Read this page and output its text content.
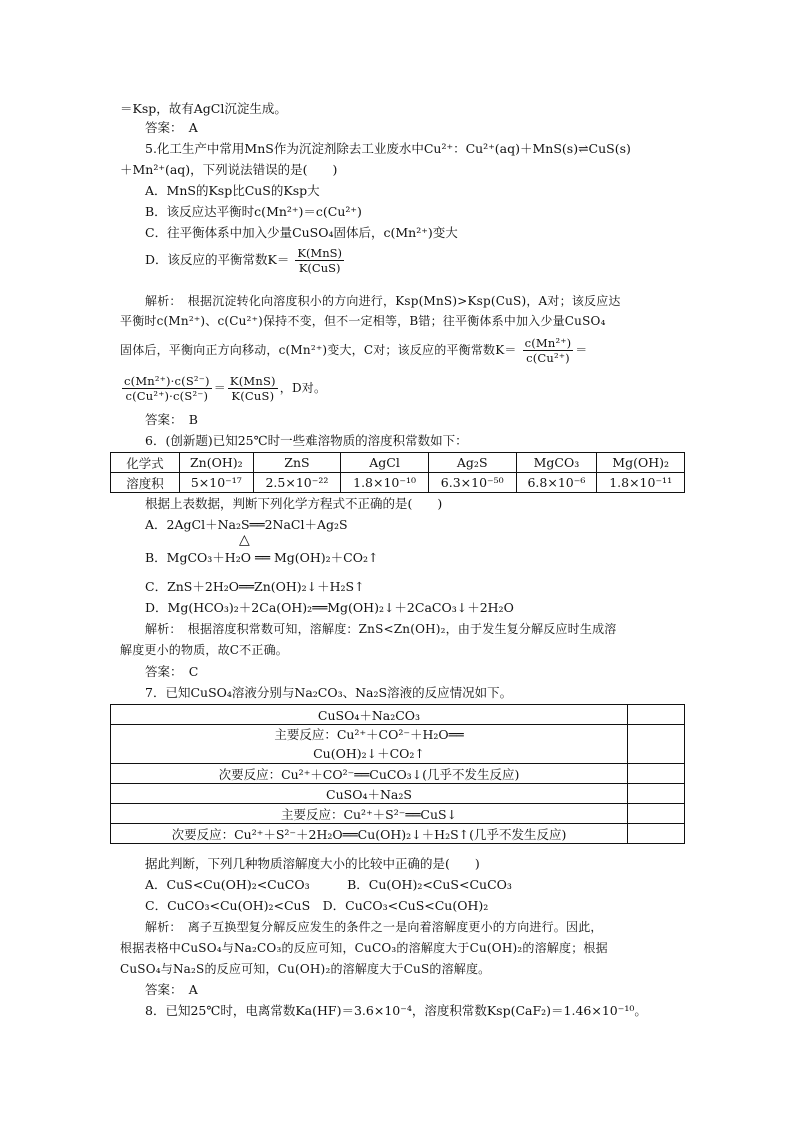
＝Ksp，故有AgCl沉淀生成。
答案：　A
5.化工生产中常用MnS作为沉淀剂除去工业废水中Cu²⁺：Cu²⁺(aq)＋MnS(s)⇌CuS(s)
＋Mn²⁺(aq)，下列说法错误的是(　　)
A．MnS的Ksp比CuS的Ksp大
B．该反应达平衡时c(Mn²⁺)＝c(Cu²⁺)
C．往平衡体系中加入少量CuSO₄固体后，c(Mn²⁺)变大
D．该反应的平衡常数$K= \frac{\text{K⁡(MnS)}}{\text{K⁡(CuS)}}$
解析：　根据沉淀转化向溶度积小的方向进行，Ksp(MnS)>Ksp(CuS)，A对；该反应达
平衡时c(Mn²⁺)、c(Cu²⁺)保持不变，但不一定相等，B错；往平衡体系中加入少量CuSO₄
固体后，平衡向正方向移动，c(Mn²⁺)变大，C对；该反应的平衡常数$K= \frac{\text{c(Mn²⁺)}}{\text{c(Cu²⁺)}}$ ＝
$\frac{\text{c(Mn²⁺)·c(S²⁻)}}{\text{c(Cu²⁺)·c(S²⁻)}} = \frac{\text{K⁡(MnS)}}{\text{K⁡(CuS)}}$ ，D对。
答案：　B
6．(创新题)已知25℃时一些难溶物质的溶度积常数如下：
化学式	Zn(OH)₂	ZnS	AgCl	Ag₂S	MgCO₃	Mg(OH)₂
溶度积	5×10⁻¹⁷	2.5×10⁻²²	1.8×10⁻¹⁰	6.3×10⁻⁵⁰	6.8×10⁻⁶	1.8×10⁻¹¹
根据上表数据，判断下列化学方程式不正确的是(　　)
A．2AgCl＋Na₂S══2NaCl＋Ag₂S
△
B．MgCO₃＋H₂O ══ Mg(OH)₂＋CO₂↑
C．ZnS＋2H₂O══Zn(OH)₂↓＋H₂S↑
D．Mg(HCO₃)₂＋2Ca(OH)₂══Mg(OH)₂↓＋2CaCO₃↓＋2H₂O
解析：　根据溶度积常数可知，溶解度：ZnS<Zn(OH)₂，由于发生复分解反应时生成溶
解度更小的物质，故C不正确。
答案：　C
7．已知CuSO₄溶液分别与Na₂CO₃、Na₂S溶液的反应情况如下。
CuSO₄＋Na₂CO₃	

主要反应：Cu²⁺＋CO²⁻＋H₂O══
Cu(OH)₂↓＋CO₂↑	

次要反应：Cu²⁺＋CO²⁻══CuCO₃↓(几乎不发生反应)	
CuSO₄＋Na₂S	
主要反应：Cu²⁺＋S²⁻══CuS↓	
次要反应：Cu²⁺＋S²⁻＋2H₂O══Cu(OH)₂↓＋H₂S↑(几乎不发生反应)	
据此判断，下列几种物质溶解度大小的比较中正确的是(　　)
A．CuS<Cu(OH)₂<CuCO₃　　　B．Cu(OH)₂<CuS<CuCO₃
C．CuCO₃<Cu(OH)₂<CuS　D．CuCO₃<CuS<Cu(OH)₂
解析：　离子互换型复分解反应发生的条件之一是向着溶解度更小的方向进行。因此，
根据表格中CuSO₄与Na₂CO₃的反应可知，CuCO₃的溶解度大于Cu(OH)₂的溶解度；根据
CuSO₄与Na₂S的反应可知，Cu(OH)₂的溶解度大于CuS的溶解度。
答案：　A
8．已知25℃时，电离常数Ka(HF)＝3.6×10⁻⁴，溶度积常数Ksp(CaF₂)＝1.46×10⁻¹⁰。
